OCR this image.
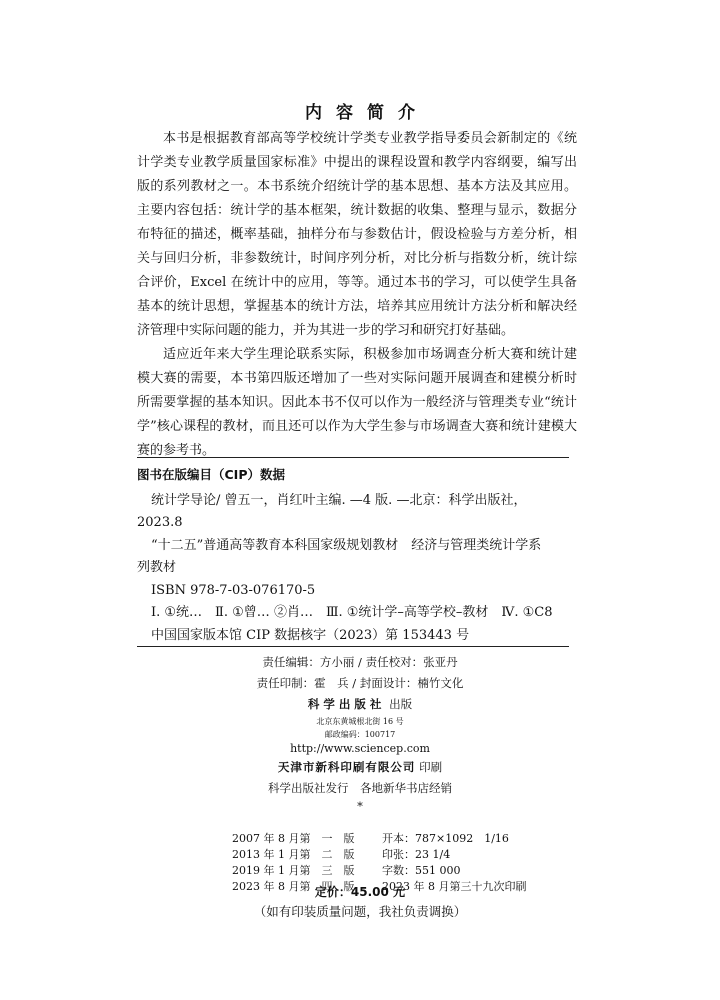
内容简介

本书是根据教育部高等学校统计学类专业教学指导委员会新制定的《统计学类专业教学质量国家标准》中提出的课程设置和教学内容纲要，编写出版的系列教材之一。本书系统介绍统计学的基本思想、基本方法及其应用。主要内容包括：统计学的基本框架，统计数据的收集、整理与显示，数据分布特征的描述，概率基础，抽样分布与参数估计，假设检验与方差分析，相关与回归分析，非参数统计，时间序列分析，对比分析与指数分析，统计综合评价，Excel 在统计中的应用，等等。通过本书的学习，可以使学生具备基本的统计思想，掌握基本的统计方法，培养其应用统计方法分析和解决经济管理中实际问题的能力，并为其进一步的学习和研究打好基础。

适应近年来大学生理论联系实际，积极参加市场调查分析大赛和统计建模大赛的需要，本书第四版还增加了一些对实际问题开展调查和建模分析时所需要掌握的基本知识。因此本书不仅可以作为一般经济与管理类专业“统计学”核心课程的教材，而且还可以作为大学生参与市场调查大赛和统计建模大赛的参考书。

图书在版编目（CIP）数据
统计学导论/ 曾五一，肖红叶主编. —4 版. —北京：科学出版社，
2023.8
“十二五”普通高等教育本科国家级规划教材　经济与管理类统计学系
列教材
ISBN 978-7-03-076170-5
Ⅰ. ①统…　Ⅱ. ①曾… ②肖…　Ⅲ. ①统计学–高等学校–教材　Ⅳ. ①C8
中国国家版本馆 CIP 数据核字（2023）第 153443 号
责任编辑：方小丽 / 责任校对：张亚丹
责任印制：霍　兵 / 封面设计：楠竹文化
科学出版社 出版
北京东黄城根北街 16 号
邮政编码：100717
http://www.sciencep.com
天津市新科印刷有限公司 印刷
科学出版社发行　各地新华书店经销
*
2007 年 8 月第　一　版	开本：787×1092　1/16
2013 年 1 月第　二　版	印张：23 1/4
2019 年 1 月第　三　版	字数：551 000
2023 年 8 月第　四　版	2023 年 8 月第三十九次印刷
定价：45.00 元
（如有印装质量问题，我社负责调换）
